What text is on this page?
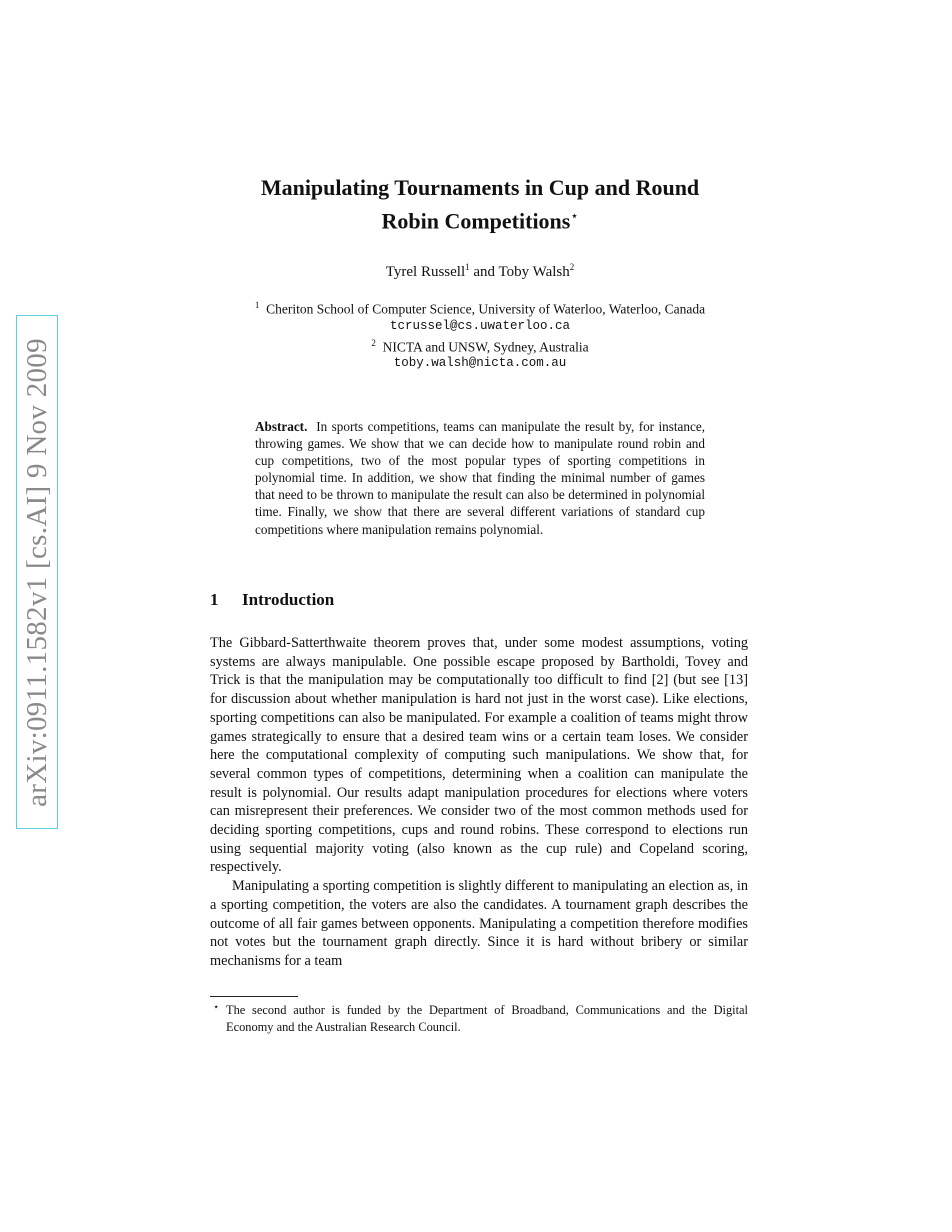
arXiv:0911.1582v1 [cs.AI] 9 Nov 2009
Manipulating Tournaments in Cup and Round
Robin Competitions⋆
Tyrel Russell$^1$ and Toby Walsh$^2$
$^1$ Cheriton School of Computer Science, University of Waterloo, Waterloo, Canada
tcrussel@cs.uwaterloo.ca
$^2$ NICTA and UNSW, Sydney, Australia
toby.walsh@nicta.com.au

Abstract. In sports competitions, teams can manipulate the result by, for instance, throwing games. We show that we can decide how to manipulate round robin and cup competitions, two of the most popular types of sporting competitions in polynomial time. In addition, we show that finding the minimal number of games that need to be thrown to manipulate the result can also be determined in polynomial time. Finally, we show that there are several different variations of standard cup competitions where manipulation remains polynomial.

1 Introduction

The Gibbard-Satterthwaite theorem proves that, under some modest assumptions, voting systems are always manipulable. One possible escape proposed by Bartholdi, Tovey and Trick is that the manipulation may be computationally too difficult to find [2] (but see [13] for discussion about whether manipulation is hard not just in the worst case). Like elections, sporting competitions can also be manipulated. For example a coalition of teams might throw games strategically to ensure that a desired team wins or a certain team loses. We consider here the computational complexity of computing such manipulations. We show that, for several common types of competitions, determining when a coalition can manipulate the result is polynomial. Our results adapt manipulation procedures for elections where voters can misrepresent their preferences. We consider two of the most common methods used for deciding sporting competitions, cups and round robins. These correspond to elections run using sequential majority voting (also known as the cup rule) and Copeland scoring, respectively.

Manipulating a sporting competition is slightly different to manipulating an election as, in a sporting competition, the voters are also the candidates. A tournament graph describes the outcome of all fair games between opponents. Manipulating a competition therefore modifies not votes but the tournament graph directly. Since it is hard without bribery or similar mechanisms for a team

⋆ The second author is funded by the Department of Broadband, Communications and the Digital Economy and the Australian Research Council.
